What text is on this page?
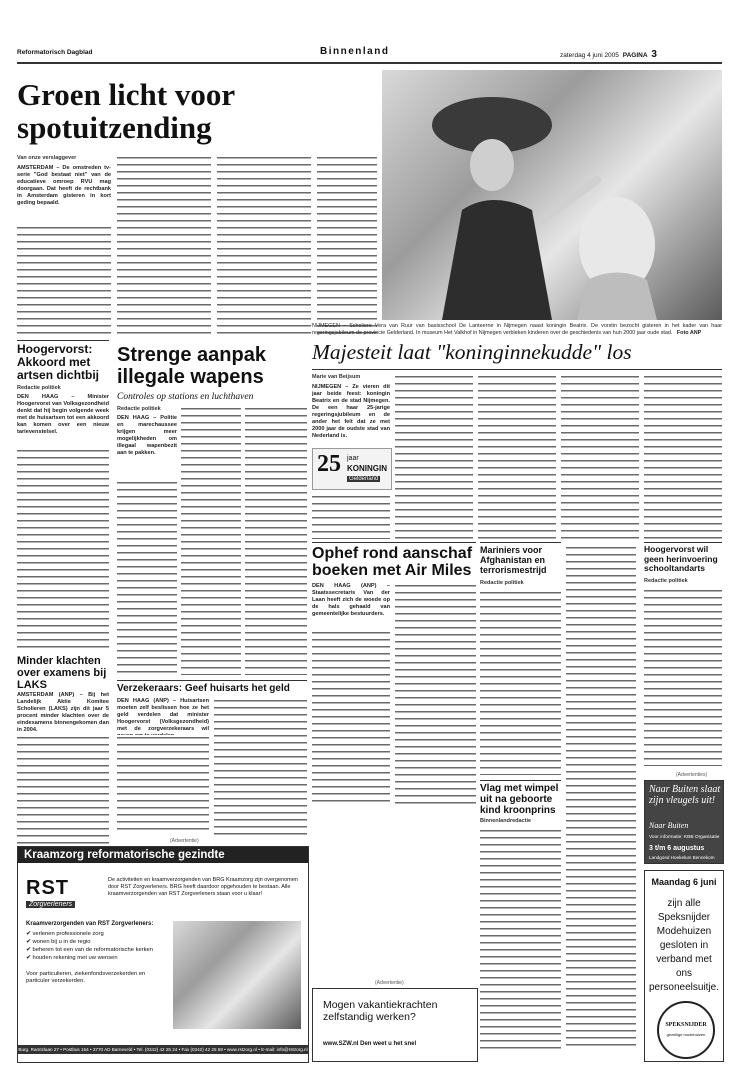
Reformatorisch Dagblad	Binnenland	zaterdag 4 juni 2005 PAGINA 3
Groen licht voor spotuitzending
Van onze verslaggever
AMSTERDAM – De omstreden tv-serie "God bestaat niet" van de educatieve omroep RVU mag doorgaan. Dat heeft de rechtbank in Amsterdam gisteren in kort geding bepaald.
NIJMEGEN – Scholiere Vera van Ruur van basisschool De Lanteerne in Nijmegen naast koningin Beatrix. De vorstin bezocht gisteren in het kader van haar regeringsjubileum de provincie Gelderland. In museum Het Valkhof in Nijmegen verbleken kinderen over de geschiedenis van hun 2000 jaar oude stad. Foto ANP
Majesteit laat "koninginnekudde" los
Marie van Beijsum
NIJMEGEN – Ze vieren dit jaar beide feest: koningin Beatrix en de stad Nijmegen. De een haar 25-jarige regeringsjubileum en de ander het feit dat ze met 2000 jaar de oudste stad van Nederland is.
25 jaar
KONINGIN
Gelderland
Hoogervorst: Akkoord met artsen dichtbij
Redactie politiek
DEN HAAG – Minister Hoogervorst van Volksgezondheid denkt dat hij begin volgende week met de huisartsen tot een akkoord kan komen over een nieuw tarievenstelsel.
Minder klachten over examens bij LAKS
AMSTERDAM (ANP) – Bij het Landelijk Aktie Komitee Scholieren (LAKS) zijn dit jaar 5 procent minder klachten over de eindexamens binnengekomen dan in 2004.
Strenge aanpak illegale wapens
Controles op stations en luchthaven
Redactie politiek
DEN HAAG – Politie en marechaussee krijgen meer mogelijkheden om illegaal wapenbezit aan te pakken.
Verzekeraars: Geef huisarts het geld
DEN HAAG (ANP) – Huisartsen moeten zelf beslissen hoe ze het geld verdelen dat minister Hoogervorst (Volksgezondheid) met de zorgverzekeraars wil
Ophef rond aanschaf boeken met Air Miles
DEN HAAG (ANP) – Staatssecretaris Van der Laan heeft zich de woede op de hals gehaald van gemeentelijke bestuurders.
Mariniers voor Afghanistan en terrorismestrijd
Redactie politiek
Vlag met wimpel uit na geboorte kind kroonprins
Binnenlandredactie
Hoogervorst wil geen herinvoering schooltandarts
Redactie politiek
(Advertentie)
Kraamzorg reformatorische gezindte
RST
Zorgverleners
De activiteiten en kraamverzorgenden van BRG Kraamzorg zijn overgenomen door RST Zorgverleners. BRG heeft daardoor opgehouden te bestaan. Alle kraamverzorgenden van RST Zorgverleners staan voor u klaar!
Kraamverzorgenden van RST Zorgverleners:
✔ verlenen professionele zorg
✔ wonen bij u in de regio
✔ beheren tot een van de reformatorische kerken
✔ houden rekening met uw wensen
Voor particulieren, ziekenfondsverzekerden en particuler verzekerden.
Burg. Ramtzlaan 27 • Postbus 154 • 3770 AD Barneveld • Tel. (0342) 42 25 24 • Fax (0342) 42 25 58 • www.rstzorg.nl • E-mail: info@rstzorg.nl
(Advertentie)
Mogen vakantiekrachten zelfstandig werken?
www.SZW.nl Den weet u het snel
(Advertenties)
Naar Buiten slaat zijn vleugels uit!
Naar Buiten
Voor informatie: KBB Organisatie
3 t/m 6 augustus
Landgoed Hoekelum Bennekom
Maandag 6 juni
zijn alle Speksnijder Modehuizen gesloten in verband met ons personeelsuitje.
SPEKSNIJDER
gezellige modehuizen
